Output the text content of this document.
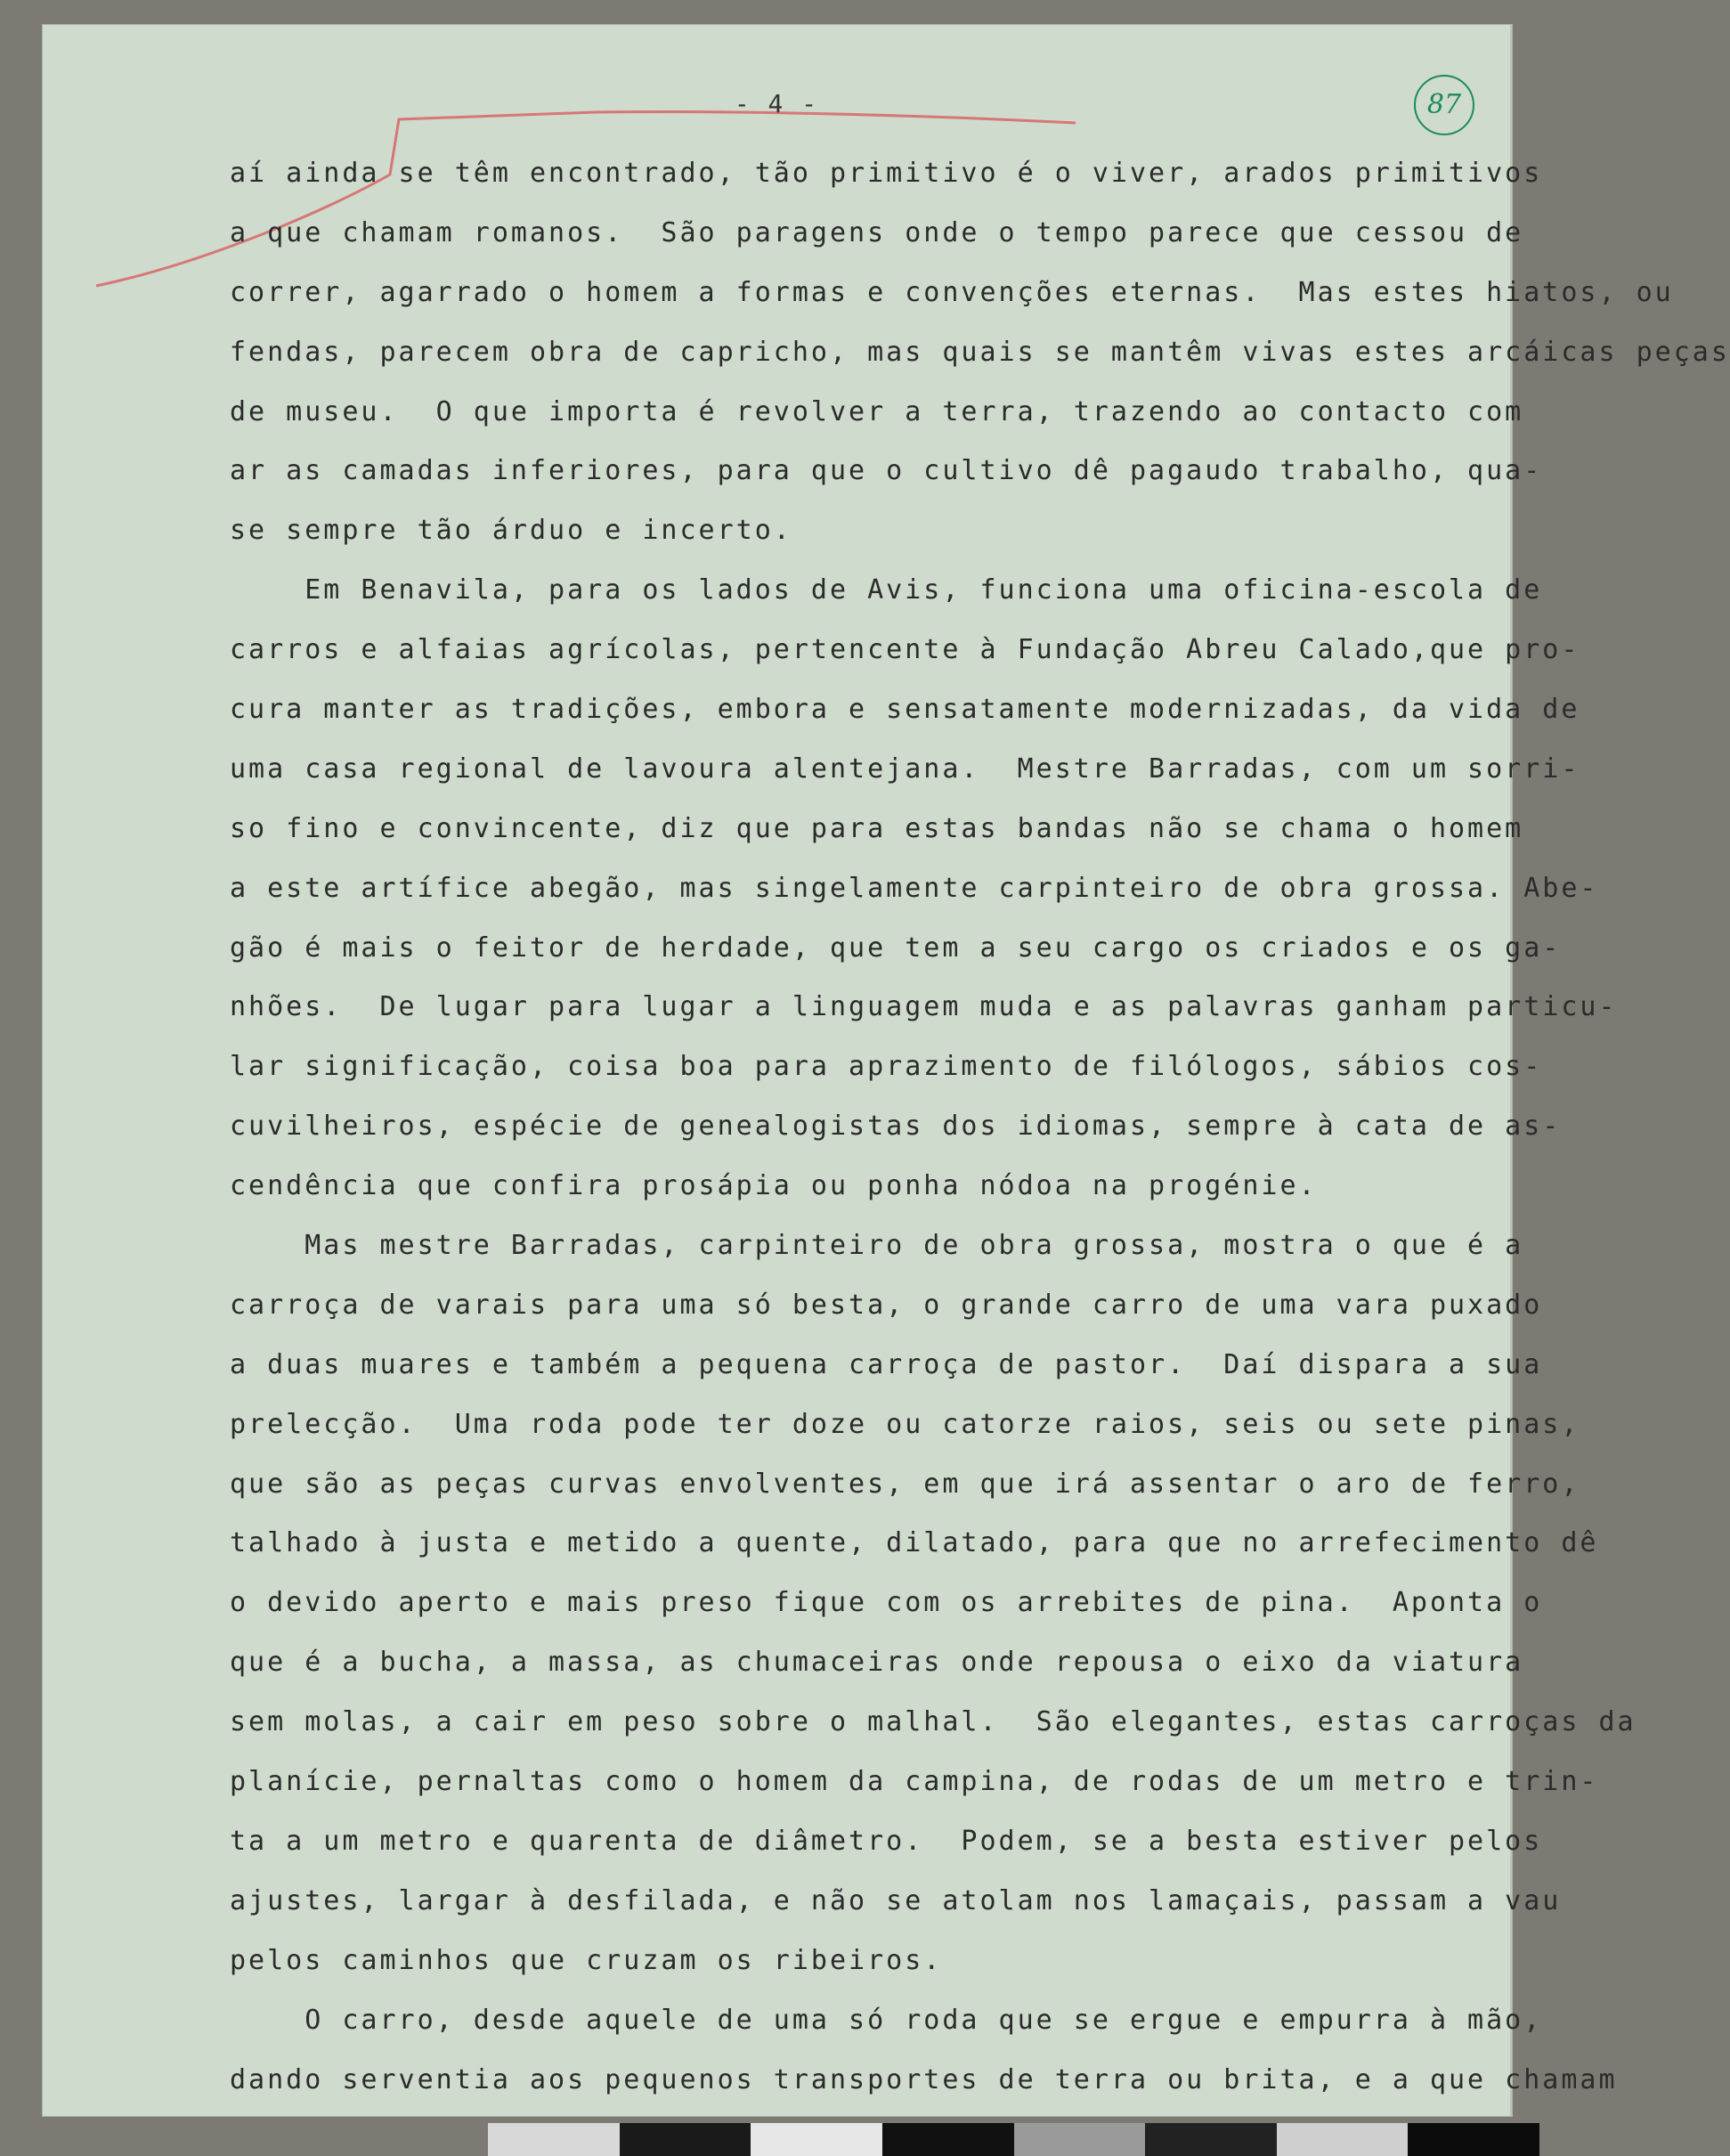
- 4 -	87
aí ainda se têm encontrado, tão primitivo é o viver, arados primitivos
a que chamam romanos.  São paragens onde o tempo parece que cessou de
correr, agarrado o homem a formas e convenções eternas.  Mas estes hiatos, ou
fendas, parecem obra de capricho, mas quais se mantêm vivas estes arcáicas peças
de museu.  O que importa é revolver a terra, trazendo ao contacto com
ar as camadas inferiores, para que o cultivo dê pagaudo trabalho, qua-
se sempre tão árduo e incerto.
Em Benavila, para os lados de Avis, funciona uma oficina-escola de
carros e alfaias agrícolas, pertencente à Fundação Abreu Calado,que pro-
cura manter as tradições, embora e sensatamente modernizadas, da vida de
uma casa regional de lavoura alentejana.  Mestre Barradas, com um sorri-
so fino e convincente, diz que para estas bandas não se chama o homem
a este artífice abegão, mas singelamente carpinteiro de obra grossa. Abe-
gão é mais o feitor de herdade, que tem a seu cargo os criados e os ga-
nhões.  De lugar para lugar a linguagem muda e as palavras ganham particu-
lar significação, coisa boa para aprazimento de filólogos, sábios cos-
cuvilheiros, espécie de genealogistas dos idiomas, sempre à cata de as-
cendência que confira prosápia ou ponha nódoa na progénie.
Mas mestre Barradas, carpinteiro de obra grossa, mostra o que é a
carroça de varais para uma só besta, o grande carro de uma vara puxado
a duas muares e também a pequena carroça de pastor.  Daí dispara a sua
prelecção.  Uma roda pode ter doze ou catorze raios, seis ou sete pinas,
que são as peças curvas envolventes, em que irá assentar o aro de ferro,
talhado à justa e metido a quente, dilatado, para que no arrefecimento dê
o devido aperto e mais preso fique com os arrebites de pina.  Aponta o
que é a bucha, a massa, as chumaceiras onde repousa o eixo da viatura
sem molas, a cair em peso sobre o malhal.  São elegantes, estas carroças da
planície, pernaltas como o homem da campina, de rodas de um metro e trin-
ta a um metro e quarenta de diâmetro.  Podem, se a besta estiver pelos
ajustes, largar à desfilada, e não se atolam nos lamaçais, passam a vau
pelos caminhos que cruzam os ribeiros.
O carro, desde aquele de uma só roda que se ergue e empurra à mão,
dando serventia aos pequenos transportes de terra ou brita, e a que chamam
